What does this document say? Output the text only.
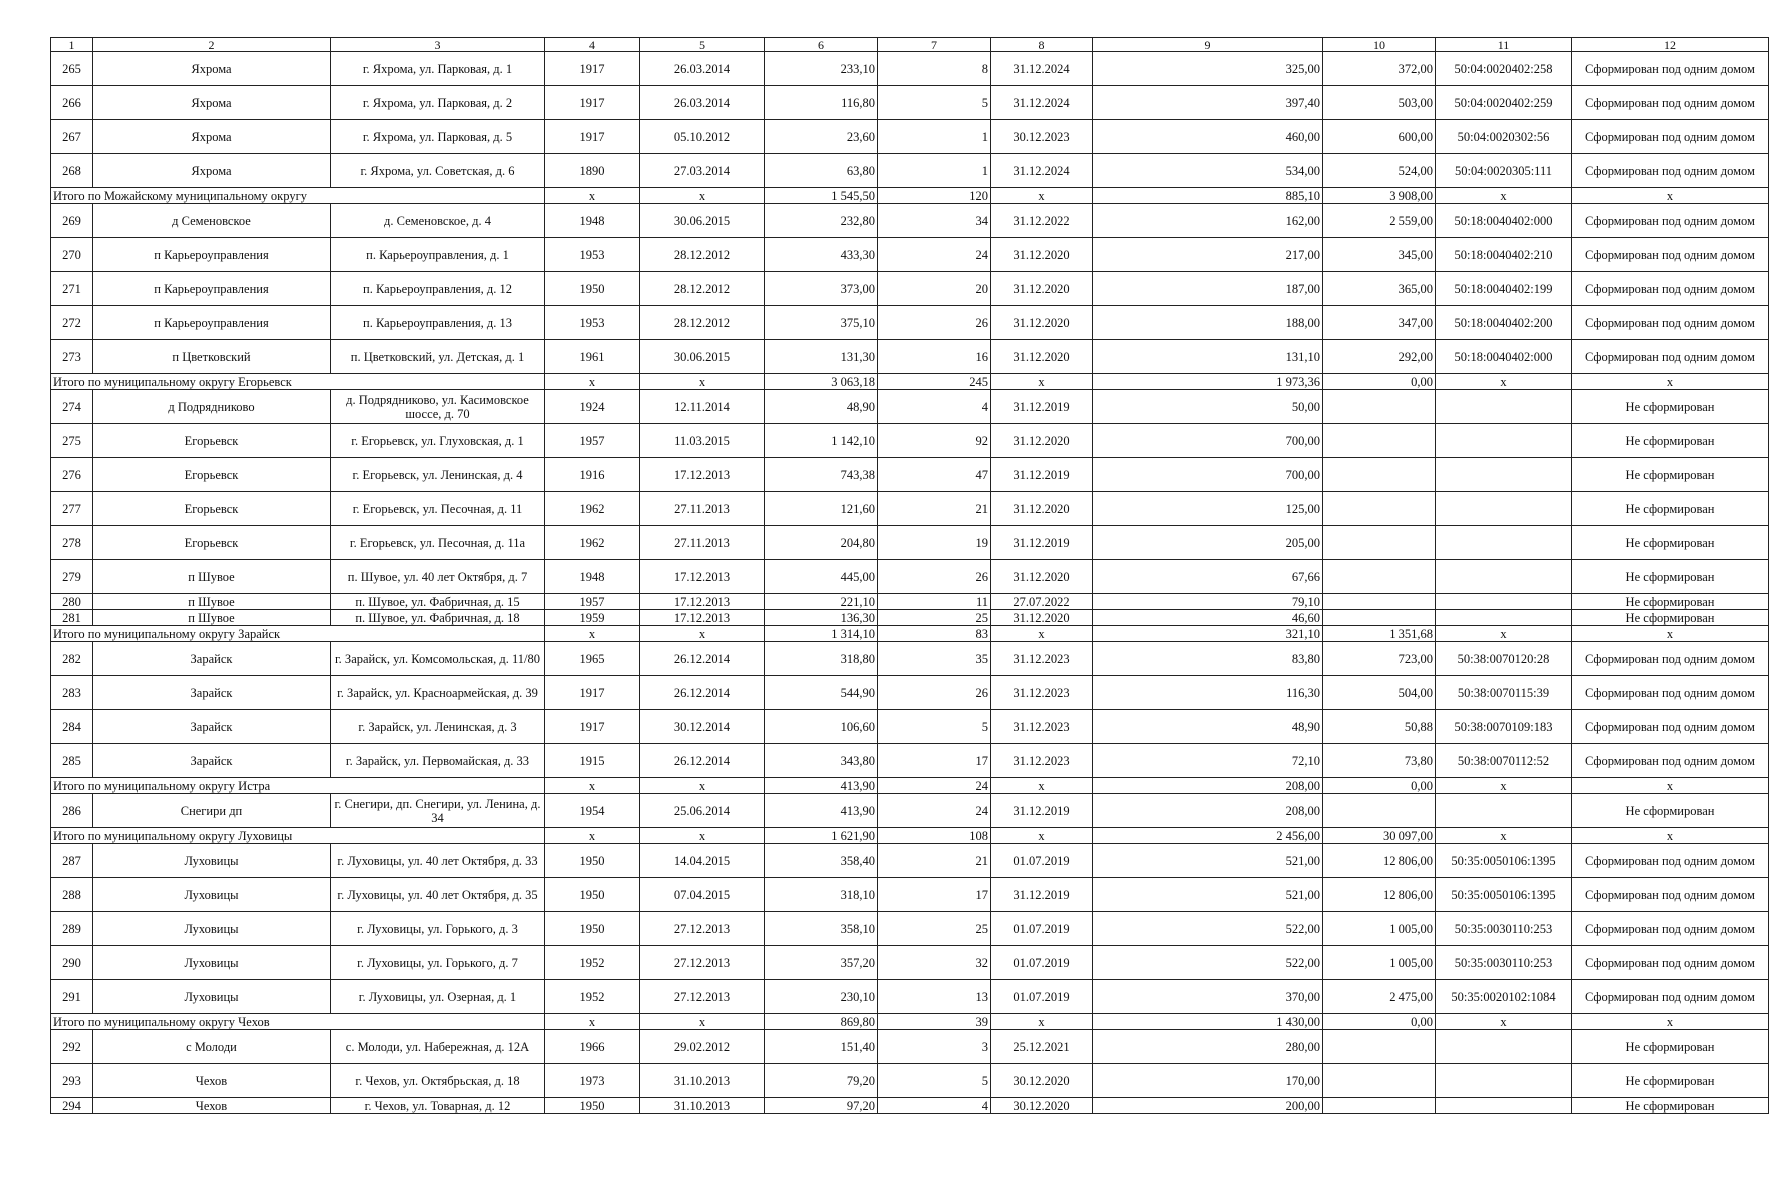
1	2	3	4	5	6	7	8	9	10	11	12
265	Яхрома	г. Яхрома, ул. Парковая, д. 1	1917	26.03.2014	233,10	8	31.12.2024	325,00	372,00	50:04:0020402:258	Сформирован под одним домом
266	Яхрома	г. Яхрома, ул. Парковая, д. 2	1917	26.03.2014	116,80	5	31.12.2024	397,40	503,00	50:04:0020402:259	Сформирован под одним домом
267	Яхрома	г. Яхрома, ул. Парковая, д. 5	1917	05.10.2012	23,60	1	30.12.2023	460,00	600,00	50:04:0020302:56	Сформирован под одним домом
268	Яхрома	г. Яхрома, ул. Советская, д. 6	1890	27.03.2014	63,80	1	31.12.2024	534,00	524,00	50:04:0020305:111	Сформирован под одним домом
Итого по Можайскому муниципальному округу			x	x	1 545,50	120	x	885,10	3 908,00	x	x
269	д Семеновское	д. Семеновское, д. 4	1948	30.06.2015	232,80	34	31.12.2022	162,00	2 559,00	50:18:0040402:000	Сформирован под одним домом
270	п Карьероуправления	п. Карьероуправления, д. 1	1953	28.12.2012	433,30	24	31.12.2020	217,00	345,00	50:18:0040402:210	Сформирован под одним домом
271	п Карьероуправления	п. Карьероуправления, д. 12	1950	28.12.2012	373,00	20	31.12.2020	187,00	365,00	50:18:0040402:199	Сформирован под одним домом
272	п Карьероуправления	п. Карьероуправления, д. 13	1953	28.12.2012	375,10	26	31.12.2020	188,00	347,00	50:18:0040402:200	Сформирован под одним домом
273	п Цветковский	п. Цветковский, ул. Детская, д. 1	1961	30.06.2015	131,30	16	31.12.2020	131,10	292,00	50:18:0040402:000	Сформирован под одним домом
Итого по муниципальному округу Егорьевск			x	x	3 063,18	245	x	1 973,36	0,00	x	x
274	д Подрядниково	д. Подрядниково, ул. Касимовское шоссе, д. 70	1924	12.11.2014	48,90	4	31.12.2019	50,00			Не сформирован
275	Егорьевск	г. Егорьевск, ул. Глуховская, д. 1	1957	11.03.2015	1 142,10	92	31.12.2020	700,00			Не сформирован
276	Егорьевск	г. Егорьевск, ул. Ленинская, д. 4	1916	17.12.2013	743,38	47	31.12.2019	700,00			Не сформирован
277	Егорьевск	г. Егорьевск, ул. Песочная, д. 11	1962	27.11.2013	121,60	21	31.12.2020	125,00			Не сформирован
278	Егорьевск	г. Егорьевск, ул. Песочная, д. 11а	1962	27.11.2013	204,80	19	31.12.2019	205,00			Не сформирован
279	п Шувое	п. Шувое, ул. 40 лет Октября, д. 7	1948	17.12.2013	445,00	26	31.12.2020	67,66			Не сформирован
280	п Шувое	п. Шувое, ул. Фабричная, д. 15	1957	17.12.2013	221,10	11	27.07.2022	79,10			Не сформирован
281	п Шувое	п. Шувое, ул. Фабричная, д. 18	1959	17.12.2013	136,30	25	31.12.2020	46,60			Не сформирован
Итого по муниципальному округу Зарайск			x	x	1 314,10	83	x	321,10	1 351,68	x	x
282	Зарайск	г. Зарайск, ул. Комсомольская, д. 11/80	1965	26.12.2014	318,80	35	31.12.2023	83,80	723,00	50:38:0070120:28	Сформирован под одним домом
283	Зарайск	г. Зарайск, ул. Красноармейская, д. 39	1917	26.12.2014	544,90	26	31.12.2023	116,30	504,00	50:38:0070115:39	Сформирован под одним домом
284	Зарайск	г. Зарайск, ул. Ленинская, д. 3	1917	30.12.2014	106,60	5	31.12.2023	48,90	50,88	50:38:0070109:183	Сформирован под одним домом
285	Зарайск	г. Зарайск, ул. Первомайская, д. 33	1915	26.12.2014	343,80	17	31.12.2023	72,10	73,80	50:38:0070112:52	Сформирован под одним домом
Итого по муниципальному округу Истра			x	x	413,90	24	x	208,00	0,00	x	x
286	Снегири дп	г. Снегири, дп. Снегири, ул. Ленина, д. 34	1954	25.06.2014	413,90	24	31.12.2019	208,00			Не сформирован
Итого по муниципальному округу Луховицы			x	x	1 621,90	108	x	2 456,00	30 097,00	x	x
287	Луховицы	г. Луховицы, ул. 40 лет Октября, д. 33	1950	14.04.2015	358,40	21	01.07.2019	521,00	12 806,00	50:35:0050106:1395	Сформирован под одним домом
288	Луховицы	г. Луховицы, ул. 40 лет Октября, д. 35	1950	07.04.2015	318,10	17	31.12.2019	521,00	12 806,00	50:35:0050106:1395	Сформирован под одним домом
289	Луховицы	г. Луховицы, ул. Горького, д. 3	1950	27.12.2013	358,10	25	01.07.2019	522,00	1 005,00	50:35:0030110:253	Сформирован под одним домом
290	Луховицы	г. Луховицы, ул. Горького, д. 7	1952	27.12.2013	357,20	32	01.07.2019	522,00	1 005,00	50:35:0030110:253	Сформирован под одним домом
291	Луховицы	г. Луховицы, ул. Озерная, д. 1	1952	27.12.2013	230,10	13	01.07.2019	370,00	2 475,00	50:35:0020102:1084	Сформирован под одним домом
Итого по муниципальному округу Чехов			x	x	869,80	39	x	1 430,00	0,00	x	x
292	с Молоди	с. Молоди, ул. Набережная, д. 12А	1966	29.02.2012	151,40	3	25.12.2021	280,00			Не сформирован
293	Чехов	г. Чехов, ул. Октябрьская, д. 18	1973	31.10.2013	79,20	5	30.12.2020	170,00			Не сформирован
294	Чехов	г. Чехов, ул. Товарная, д. 12	1950	31.10.2013	97,20	4	30.12.2020	200,00			Не сформирован
